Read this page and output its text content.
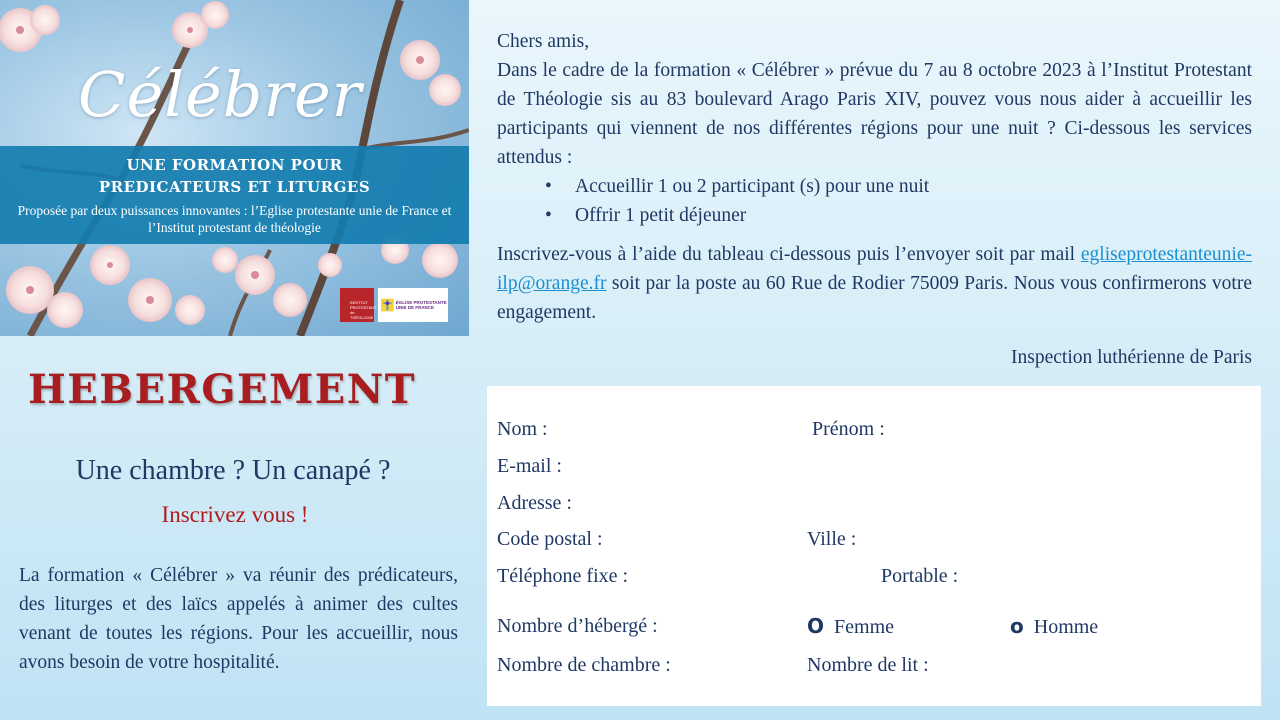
Célébrer
UNE FORMATION POUR
PREDICATEURS ET LITURGES
Proposée par deux puissances innovantes : l’Eglise protestante unie de France et l’Institut protestant de théologie
INSTITUT PROTESTANT de THÉOLOGIE
ÉGLISE PROTESTANTE UNIE DE FRANCE
HEBERGEMENT
Une chambre ? Un canapé ?
Inscrivez vous !
La formation « Célébrer » va réunir des prédicateurs, des liturges et des laïcs appelés à animer des cultes venant de toutes les régions. Pour les accueillir, nous avons besoin de votre hospitalité.
Chers amis,
Dans le cadre de la formation « Célébrer » prévue du 7 au 8 octobre 2023 à l’Institut Protestant de Théologie sis au 83 boulevard Arago Paris XIV, pouvez vous nous aider à accueillir les participants qui viennent de nos différentes régions pour une nuit ? Ci-dessous les services attendus :
• Accueillir 1 ou 2 participant (s) pour une nuit
• Offrir 1 petit déjeuner
Inscrivez-vous à l’aide du tableau ci-dessous puis l’envoyer soit par mail egliseprotestanteunie-ilp@orange.fr soit par la poste au 60 Rue de Rodier 75009 Paris. Nous vous confirmerons votre engagement.
Inspection luthérienne de Paris
Nom :	Prénom :
E-mail :
Adresse :
Code postal :	Ville :
Téléphone fixe :	Portable :
Nombre d’hébergé :	O Femme	o Homme
Nombre de chambre :	Nombre de lit :
